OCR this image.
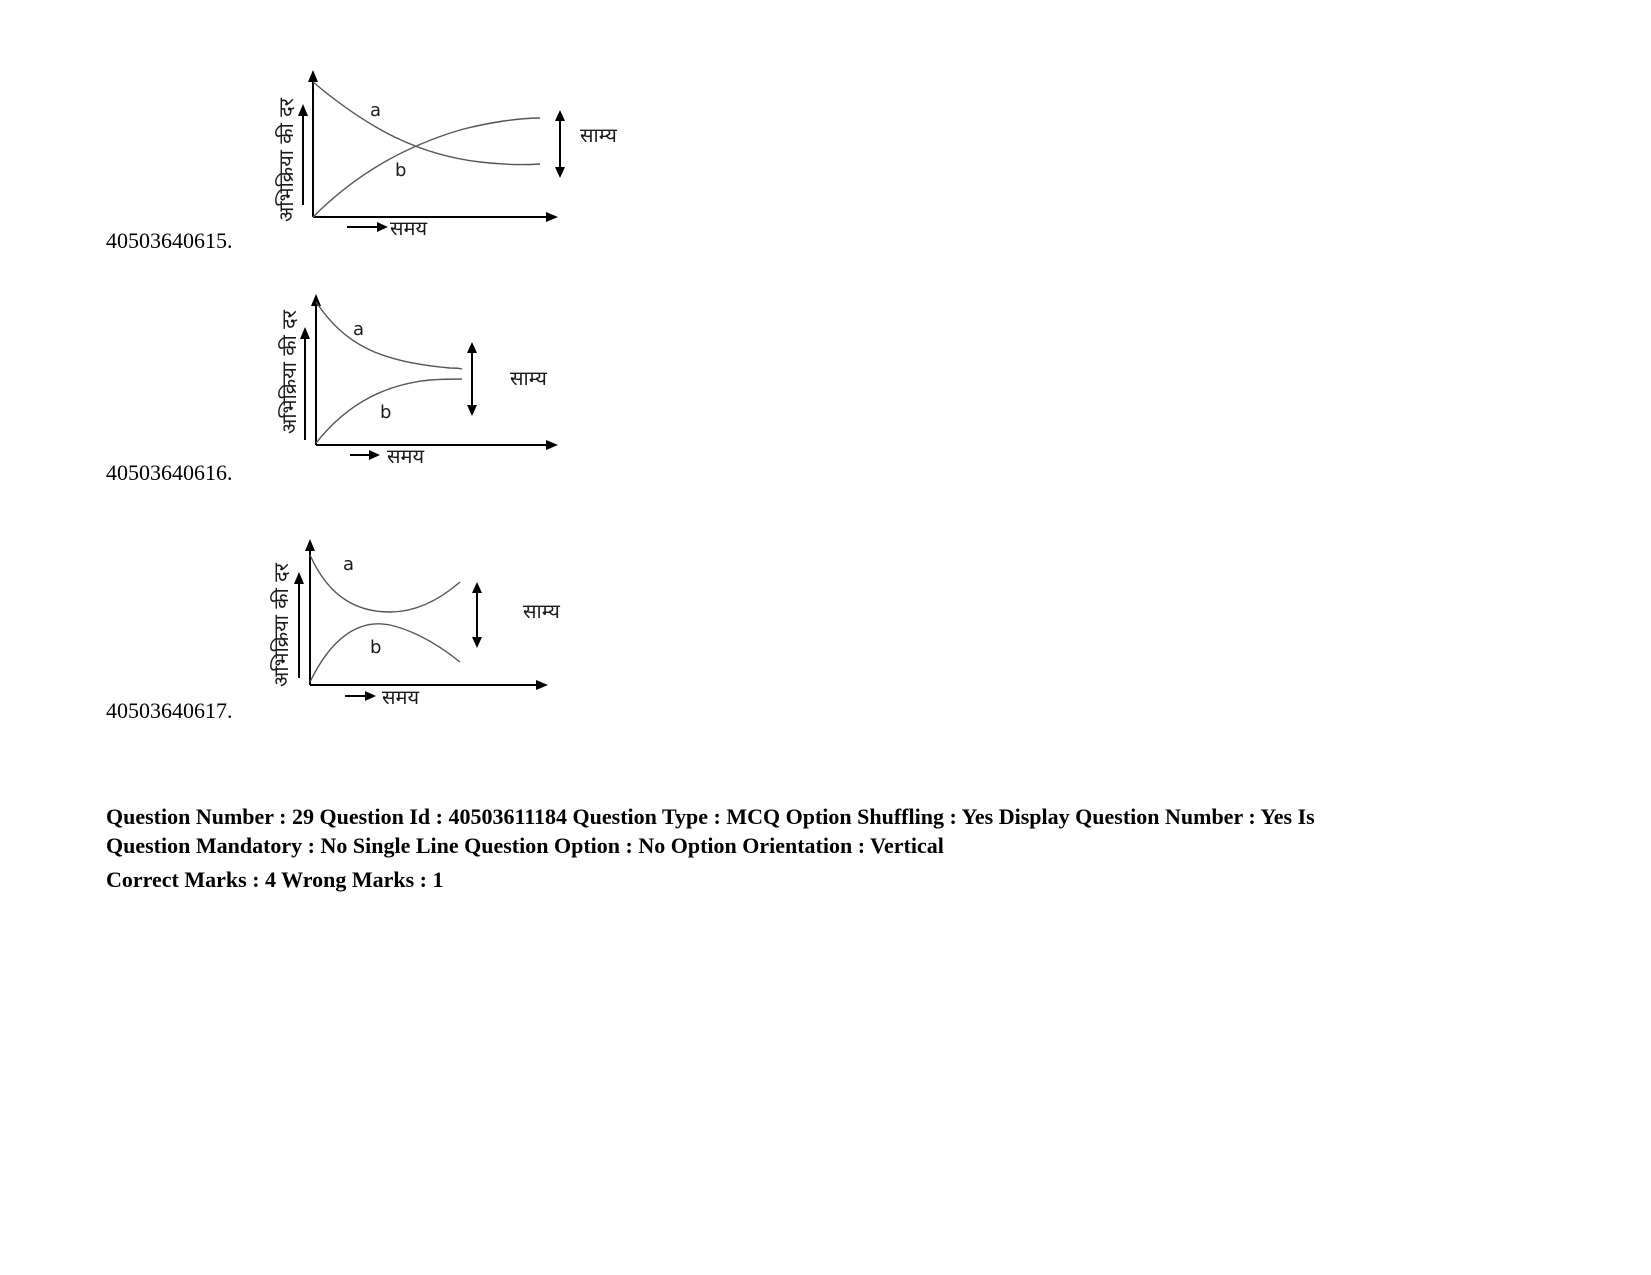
अभिक्रिया की दर
समय
a
b
साम्य
40503640615.
अभिक्रिया की दर
समय
a
b
साम्य
40503640616.
अभिक्रिया की दर
समय
a
b
साम्य
40503640617.
Question Number : 29 Question Id : 40503611184 Question Type : MCQ Option Shuffling : Yes Display Question Number : Yes Is
Question Mandatory : No Single Line Question Option : No Option Orientation : Vertical
Correct Marks : 4 Wrong Marks : 1
